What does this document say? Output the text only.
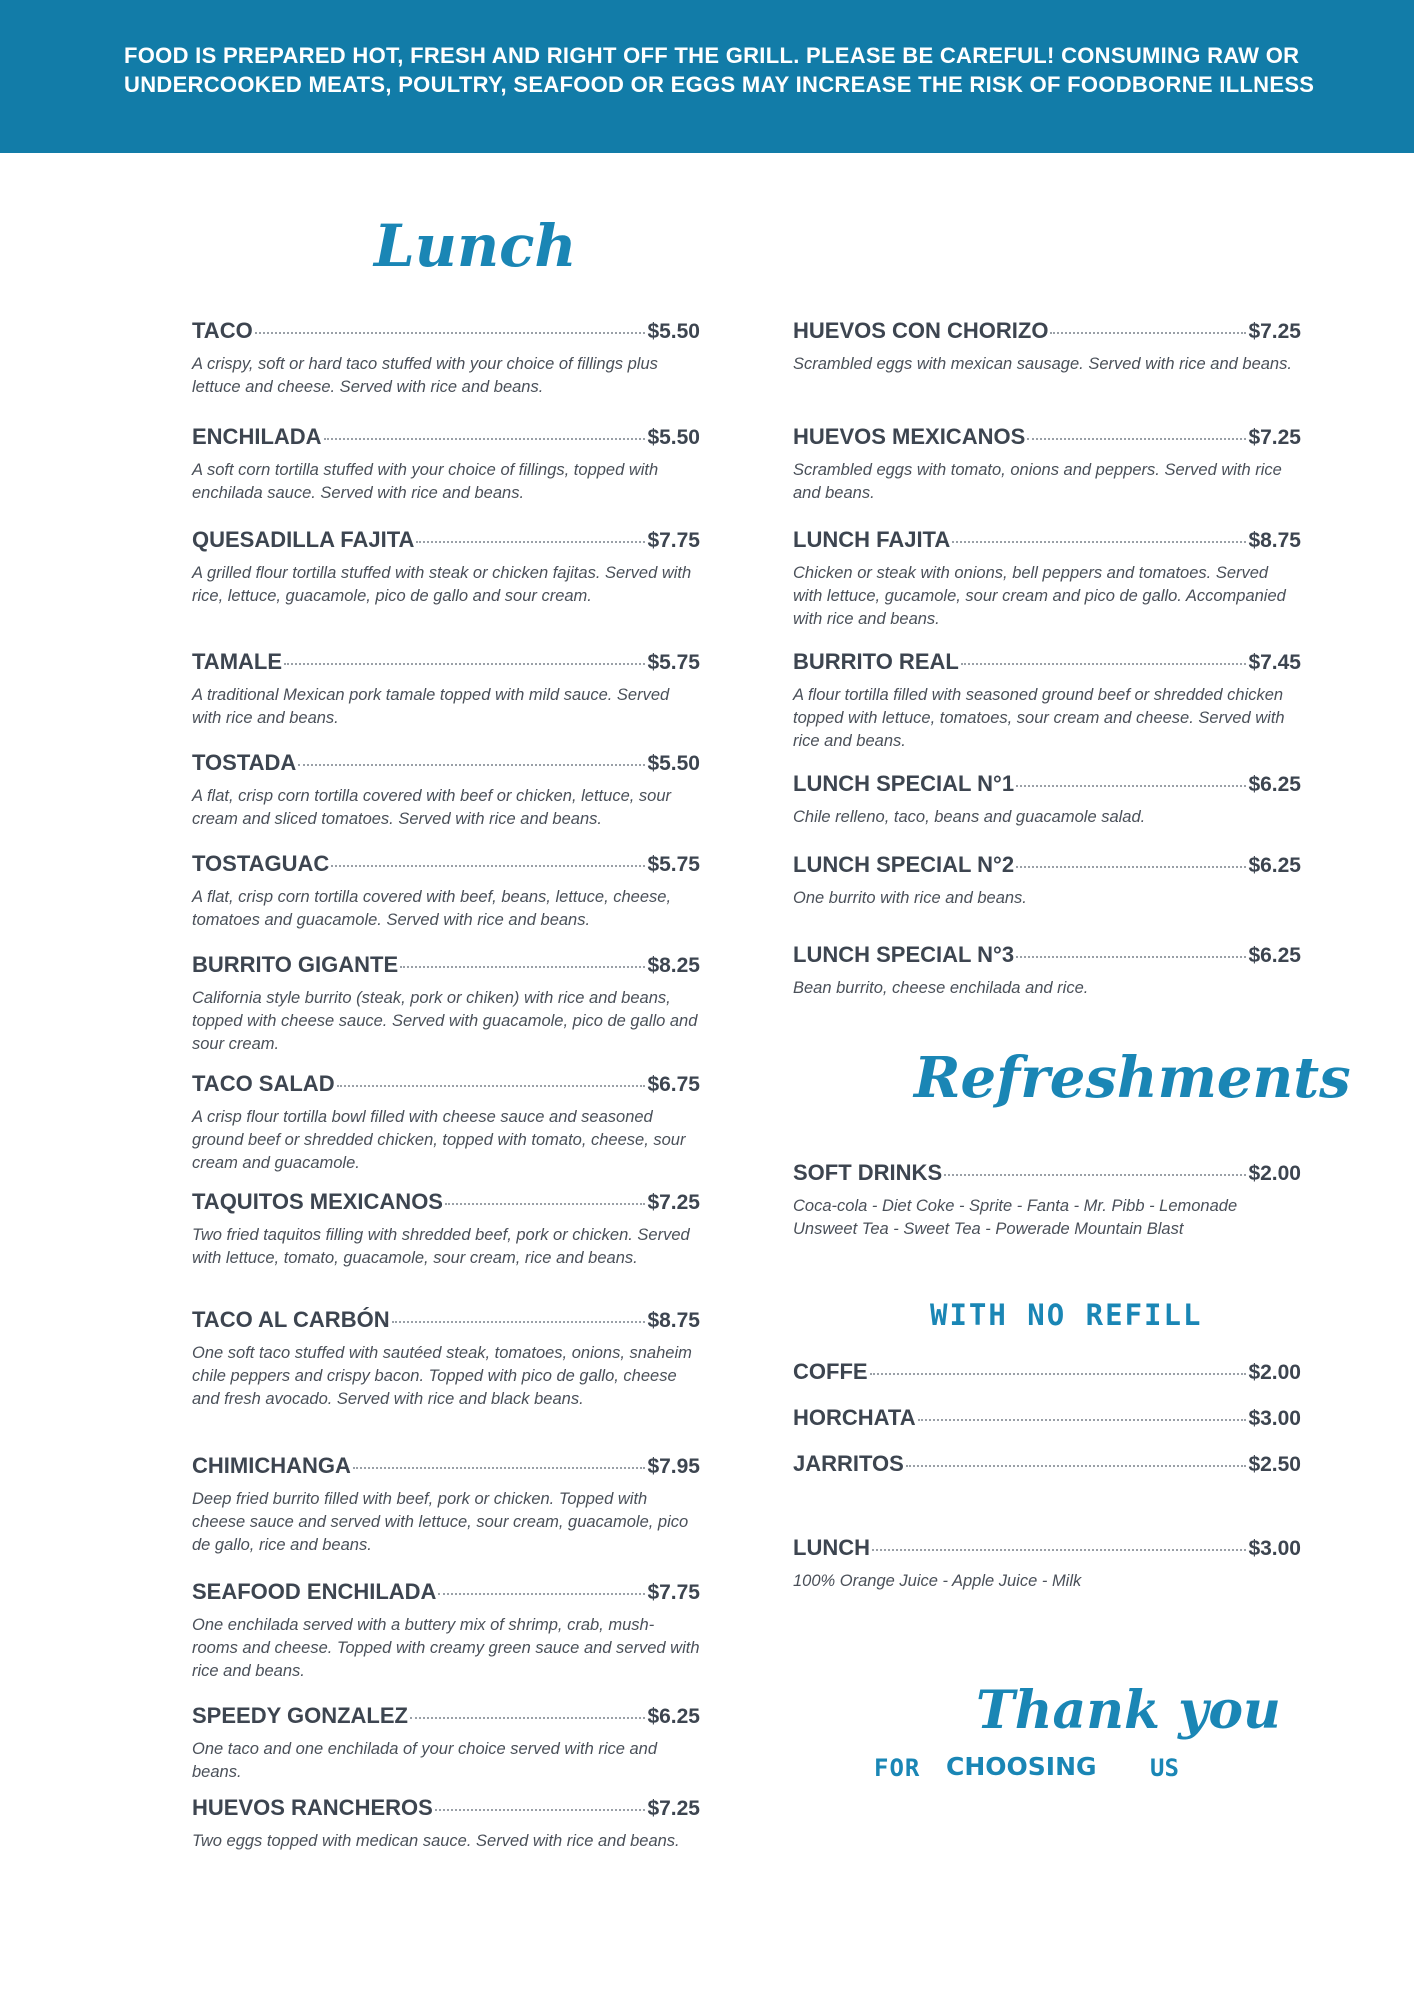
FOOD IS PREPARED HOT, FRESH AND RIGHT OFF THE GRILL. PLEASE BE CAREFUL! CONSUMING RAW OR
UNDERCOOKED MEATS, POULTRY, SEAFOOD OR EGGS MAY INCREASE THE RISK OF FOODBORNE ILLNESS
Lunch
TACO	$5.50
A crispy, soft or hard taco stuffed with your choice of fillings plus lettuce and cheese. Served with rice and beans.
ENCHILADA	$5.50
A soft corn tortilla stuffed with your choice of fillings, topped with enchilada sauce. Served with rice and beans.
QUESADILLA FAJITA	$7.75
A grilled flour tortilla stuffed with steak or chicken fajitas. Served with rice, lettuce, guacamole, pico de gallo and sour cream.
TAMALE	$5.75
A traditional Mexican pork tamale topped with mild sauce. Served with rice and beans.
TOSTADA	$5.50
A flat, crisp corn tortilla covered with beef or chicken, lettuce, sour cream and sliced tomatoes. Served with rice and beans.
TOSTAGUAC	$5.75
A flat, crisp corn tortilla covered with beef, beans, lettuce, cheese, tomatoes and guacamole. Served with rice and beans.
BURRITO GIGANTE	$8.25
California style burrito (steak, pork or chiken) with rice and beans, topped with cheese sauce. Served with guacamole, pico de gallo and sour cream.
TACO SALAD	$6.75
A crisp flour tortilla bowl filled with cheese sauce and seasoned ground beef or shredded chicken, topped with tomato, cheese, sour cream and guacamole.
TAQUITOS MEXICANOS	$7.25
Two fried taquitos filling with shredded beef, pork or chicken. Served with lettuce, tomato, guacamole, sour cream, rice and beans.
TACO AL CARBÓN	$8.75
One soft taco stuffed with sautéed steak, tomatoes, onions, snaheim chile peppers and crispy bacon. Topped with pico de gallo, cheese and fresh avocado. Served with rice and black beans.
CHIMICHANGA	$7.95
Deep fried burrito filled with beef, pork or chicken. Topped with cheese sauce and served with lettuce, sour cream, guacamole, pico de gallo, rice and beans.
SEAFOOD ENCHILADA	$7.75
One enchilada served with a buttery mix of shrimp, crab, mush-rooms and cheese. Topped with creamy green sauce and served with rice and beans.
SPEEDY GONZALEZ	$6.25
One taco and one enchilada of your choice served with rice and beans.
HUEVOS RANCHEROS	$7.25
Two eggs topped with medican sauce. Served with rice and beans.
HUEVOS CON CHORIZO	$7.25
Scrambled eggs with mexican sausage. Served with rice and beans.
HUEVOS MEXICANOS	$7.25
Scrambled eggs with tomato, onions and peppers. Served with rice and beans.
LUNCH FAJITA	$8.75
Chicken or steak with onions, bell peppers and tomatoes. Served with lettuce, gucamole, sour cream and pico de gallo. Accompanied with rice and beans.
BURRITO REAL	$7.45
A flour tortilla filled with seasoned ground beef or shredded chicken topped with lettuce, tomatoes, sour cream and cheese. Served with rice and beans.
LUNCH SPECIAL N°1	$6.25
Chile relleno, taco, beans and guacamole salad.
LUNCH SPECIAL N°2	$6.25
One burrito with rice and beans.
LUNCH SPECIAL N°3	$6.25
Bean burrito, cheese enchilada and rice.
SOFT DRINKS	$2.00
Coca-cola - Diet Coke - Sprite - Fanta - Mr. Pibb - Lemonade
Unsweet Tea - Sweet Tea - Powerade Mountain Blast
COFFE	$2.00
HORCHATA	$3.00
JARRITOS	$2.50
LUNCH	$3.00
100% Orange Juice - Apple Juice - Milk
Refreshments
WITH NO REFILL
Thank you
FOR CHOOSING US
